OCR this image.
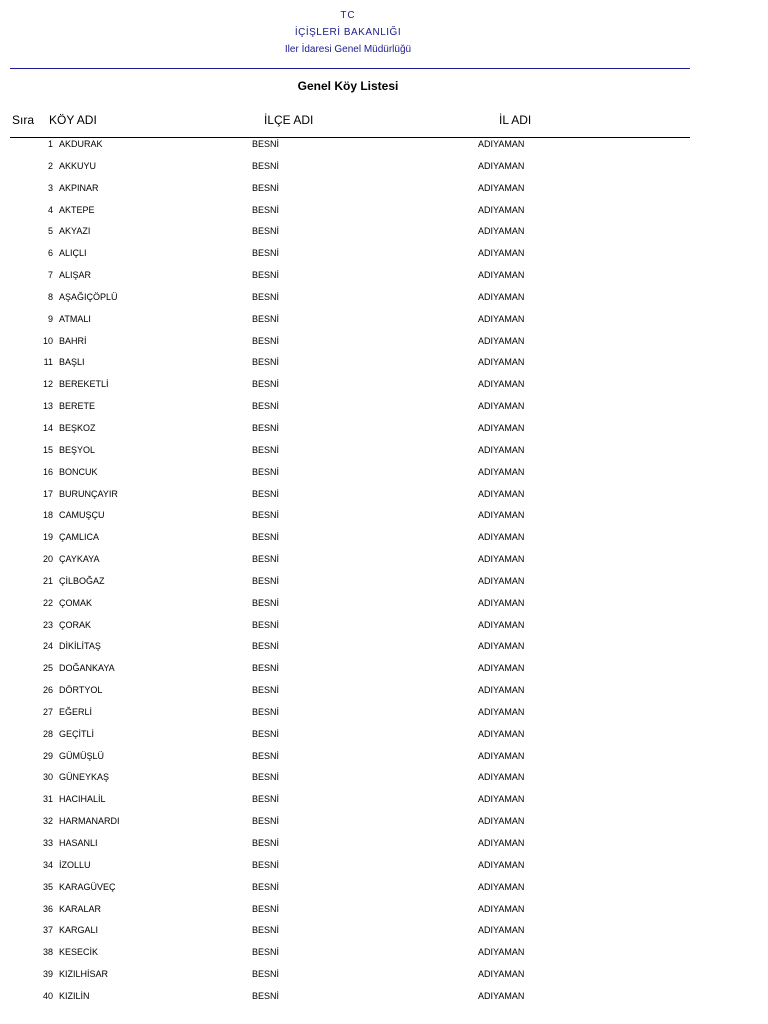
TC
İÇİŞLERİ BAKANLIĞI
Iler İdaresi Genel Müdürlüğü
Genel Köy Listesi
Sıra KÖY ADI	İLÇE ADI	İL ADI
1 AKDURAK	BESNİ	ADIYAMAN
2 AKKUYU	BESNİ	ADIYAMAN
3 AKPINAR	BESNİ	ADIYAMAN
4 AKTEPE	BESNİ	ADIYAMAN
5 AKYAZI	BESNİ	ADIYAMAN
6 ALIÇLI	BESNİ	ADIYAMAN
7 ALIŞAR	BESNİ	ADIYAMAN
8 AŞAĞIÇÖPLÜ	BESNİ	ADIYAMAN
9 ATMALI	BESNİ	ADIYAMAN
10 BAHRİ	BESNİ	ADIYAMAN
11 BAŞLI	BESNİ	ADIYAMAN
12 BEREKETLİ	BESNİ	ADIYAMAN
13 BERETE	BESNİ	ADIYAMAN
14 BEŞKOZ	BESNİ	ADIYAMAN
15 BEŞYOL	BESNİ	ADIYAMAN
16 BONCUK	BESNİ	ADIYAMAN
17 BURUNÇAYIR	BESNİ	ADIYAMAN
18 CAMUŞÇU	BESNİ	ADIYAMAN
19 ÇAMLICA	BESNİ	ADIYAMAN
20 ÇAYKAYA	BESNİ	ADIYAMAN
21 ÇİLBOĞAZ	BESNİ	ADIYAMAN
22 ÇOMAK	BESNİ	ADIYAMAN
23 ÇORAK	BESNİ	ADIYAMAN
24 DİKİLİTAŞ	BESNİ	ADIYAMAN
25 DOĞANKAYA	BESNİ	ADIYAMAN
26 DÖRTYOL	BESNİ	ADIYAMAN
27 EĞERLİ	BESNİ	ADIYAMAN
28 GEÇİTLİ	BESNİ	ADIYAMAN
29 GÜMÜŞLÜ	BESNİ	ADIYAMAN
30 GÜNEYKAŞ	BESNİ	ADIYAMAN
31 HACIHALİL	BESNİ	ADIYAMAN
32 HARMANARDI	BESNİ	ADIYAMAN
33 HASANLI	BESNİ	ADIYAMAN
34 İZOLLU	BESNİ	ADIYAMAN
35 KARAGÜVEÇ	BESNİ	ADIYAMAN
36 KARALAR	BESNİ	ADIYAMAN
37 KARGALI	BESNİ	ADIYAMAN
38 KESECİK	BESNİ	ADIYAMAN
39 KIZILHİSAR	BESNİ	ADIYAMAN
40 KIZILİN	BESNİ	ADIYAMAN
